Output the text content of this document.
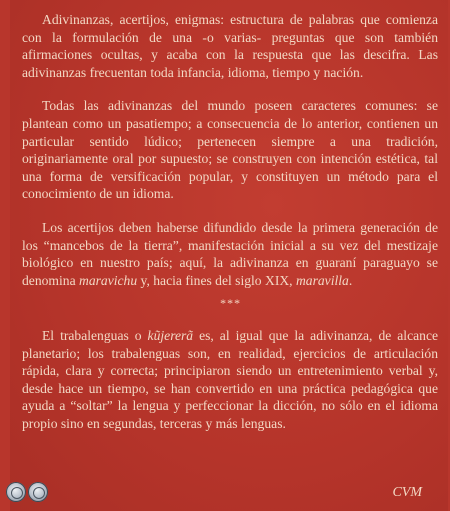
Adivinanzas, acertijos, enigmas: estructura de palabras que comienza con la formulación de una -o varias- preguntas que son también afirmaciones ocultas, y acaba con la respuesta que las descifra. Las adivinanzas frecuentan toda infancia, idioma, tiempo y nación.

Todas las adivinanzas del mundo poseen caracteres comunes: se plantean como un pasatiempo; a consecuencia de lo anterior, contienen un particular sentido lúdico; pertenecen siempre a una tradición, originariamente oral por supuesto; se construyen con intención estética, tal una forma de versificación popular, y constituyen un método para el conocimiento de un idioma.

Los acertijos deben haberse difundido desde la primera generación de los “mancebos de la tierra”, manifestación inicial a su vez del mestizaje biológico en nuestro país; aquí, la adivinanza en guaraní paraguayo se denomina maravichu y, hacia fines del siglo XIX, maravilla.

***

El trabalenguas o kũjererã es, al igual que la adivinanza, de alcance planetario; los trabalenguas son, en realidad, ejercicios de articulación rápida, clara y correcta; principiaron siendo un entretenimiento verbal y, desde hace un tiempo, se han convertido en una práctica pedagógica que ayuda a “soltar” la lengua y perfeccionar la dicción, no sólo en el idioma propio sino en segundas, terceras y más lenguas.

CVM
